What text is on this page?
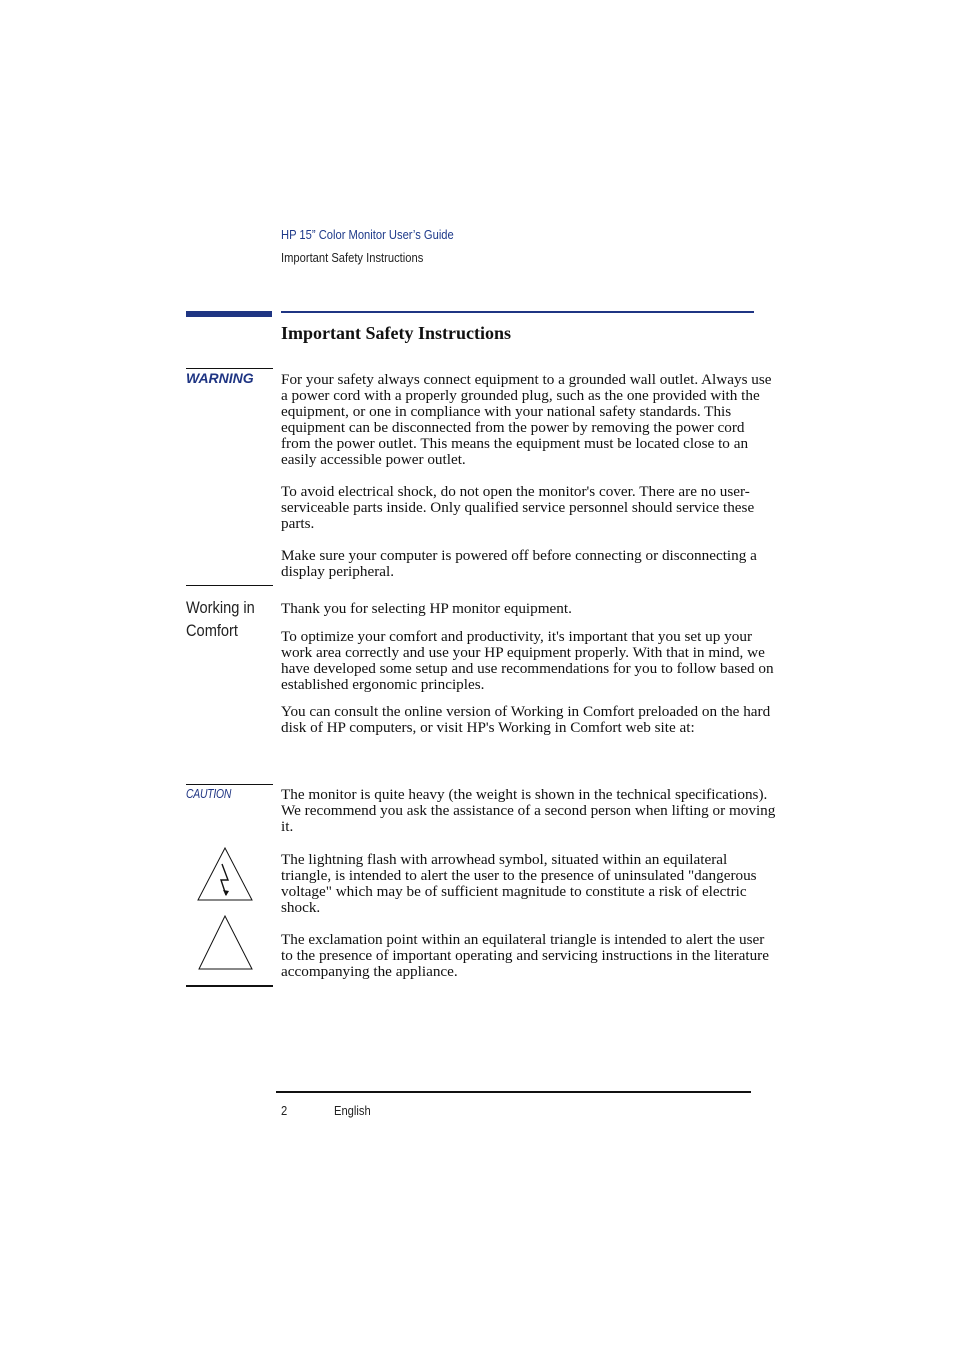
HP 15” Color Monitor User’s Guide
Important Safety Instructions
Important Safety Instructions
WARNING For your safety always connect equipment to a grounded wall outlet. Always use a power cord with a properly grounded plug, such as the one provided with the equipment, or one in compliance with your national safety standards. This equipment can be disconnected from the power by removing the power cord from the power outlet. This means the equipment must be located close to an easily accessible power outlet.
To avoid electrical shock, do not open the monitor's cover. There are no user-serviceable parts inside. Only qualified service personnel should service these parts.
Make sure your computer is powered off before connecting or disconnecting a display peripheral.
Working in Comfort
Thank you for selecting HP monitor equipment.
To optimize your comfort and productivity, it's important that you set up your work area correctly and use your HP equipment properly. With that in mind, we have developed some setup and use recommendations for you to follow based on established ergonomic principles.
You can consult the online version of Working in Comfort preloaded on the hard disk of HP computers, or visit HP's Working in Comfort web site at:
CAUTION	The monitor is quite heavy (the weight is shown in the technical specifications). We recommend you ask the assistance of a second person when lifting or moving it.
The lightning flash with arrowhead symbol, situated within an equilateral triangle, is intended to alert the user to the presence of uninsulated "dangerous voltage" which may be of sufficient magnitude to constitute a risk of electric shock.
The exclamation point within an equilateral triangle is intended to alert the user to the presence of important operating and servicing instructions in the literature accompanying the appliance.
2	English
